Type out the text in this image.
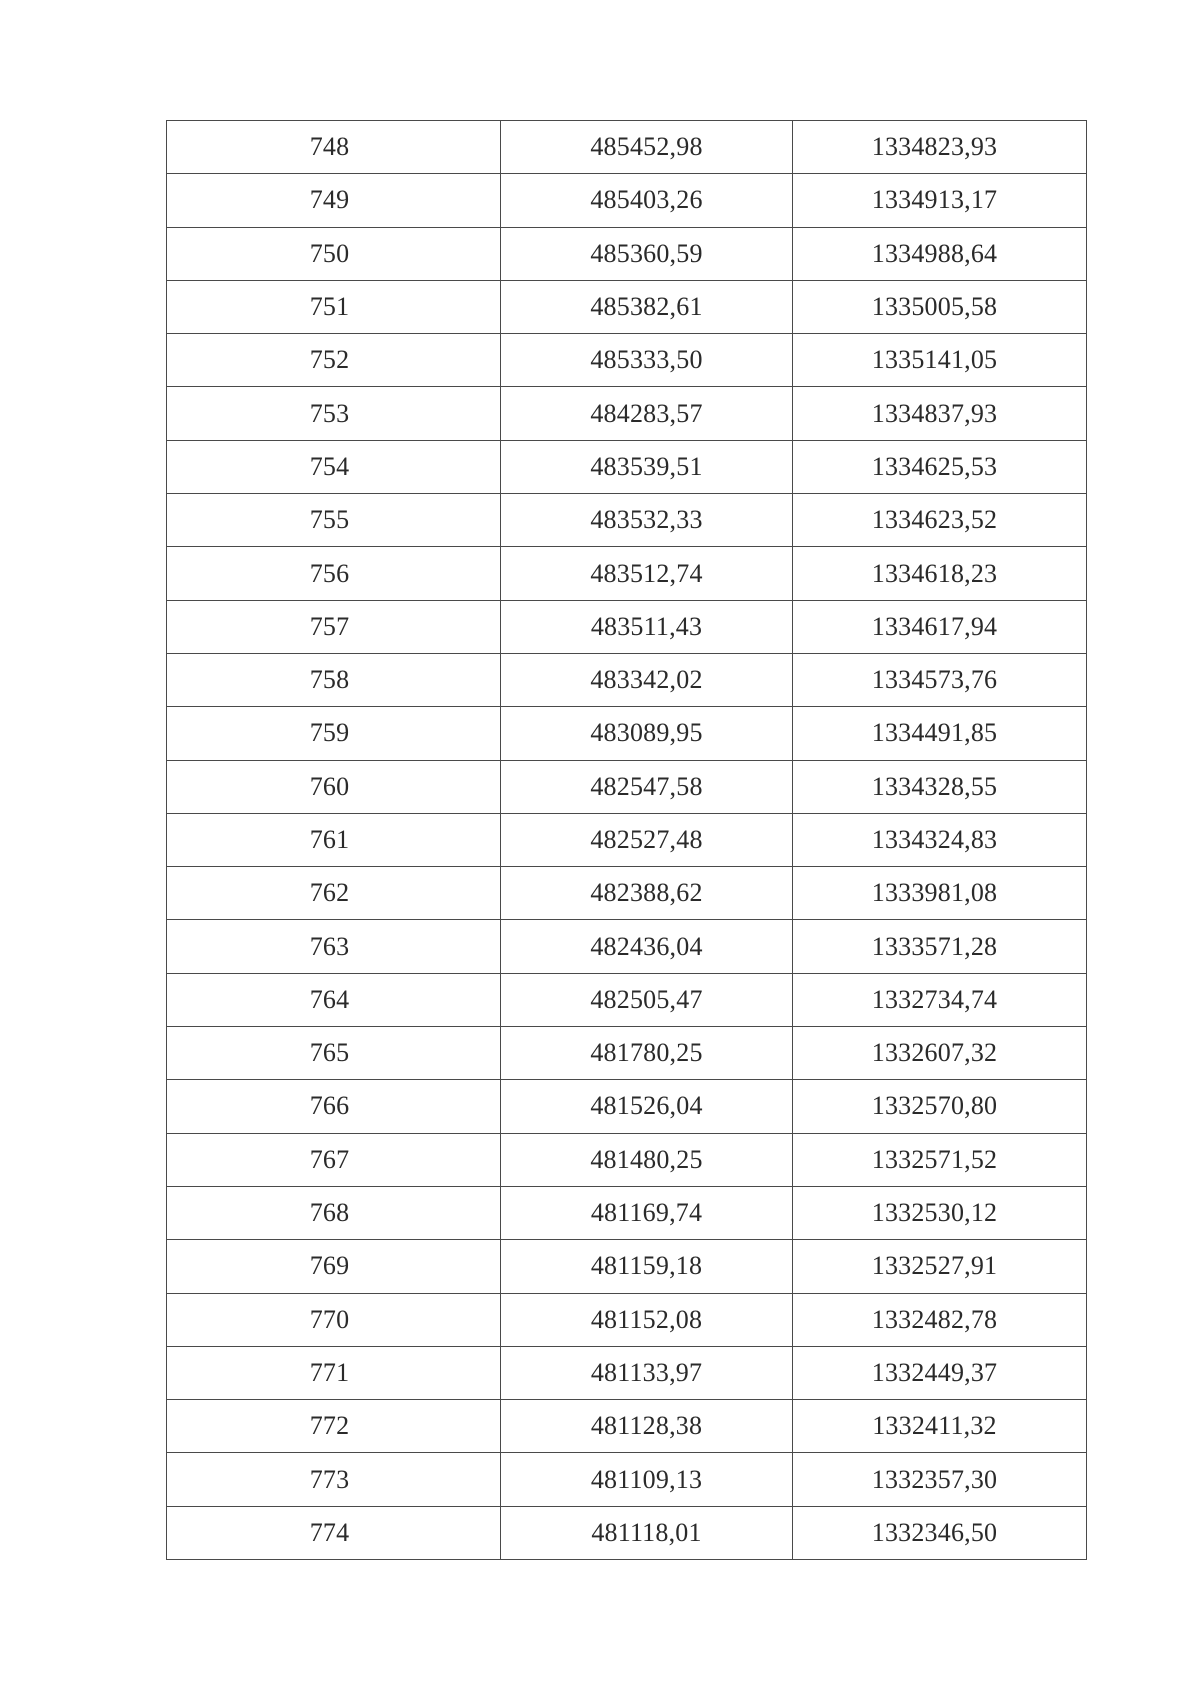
748	485452,98	1334823,93
749	485403,26	1334913,17
750	485360,59	1334988,64
751	485382,61	1335005,58
752	485333,50	1335141,05
753	484283,57	1334837,93
754	483539,51	1334625,53
755	483532,33	1334623,52
756	483512,74	1334618,23
757	483511,43	1334617,94
758	483342,02	1334573,76
759	483089,95	1334491,85
760	482547,58	1334328,55
761	482527,48	1334324,83
762	482388,62	1333981,08
763	482436,04	1333571,28
764	482505,47	1332734,74
765	481780,25	1332607,32
766	481526,04	1332570,80
767	481480,25	1332571,52
768	481169,74	1332530,12
769	481159,18	1332527,91
770	481152,08	1332482,78
771	481133,97	1332449,37
772	481128,38	1332411,32
773	481109,13	1332357,30
774	481118,01	1332346,50
